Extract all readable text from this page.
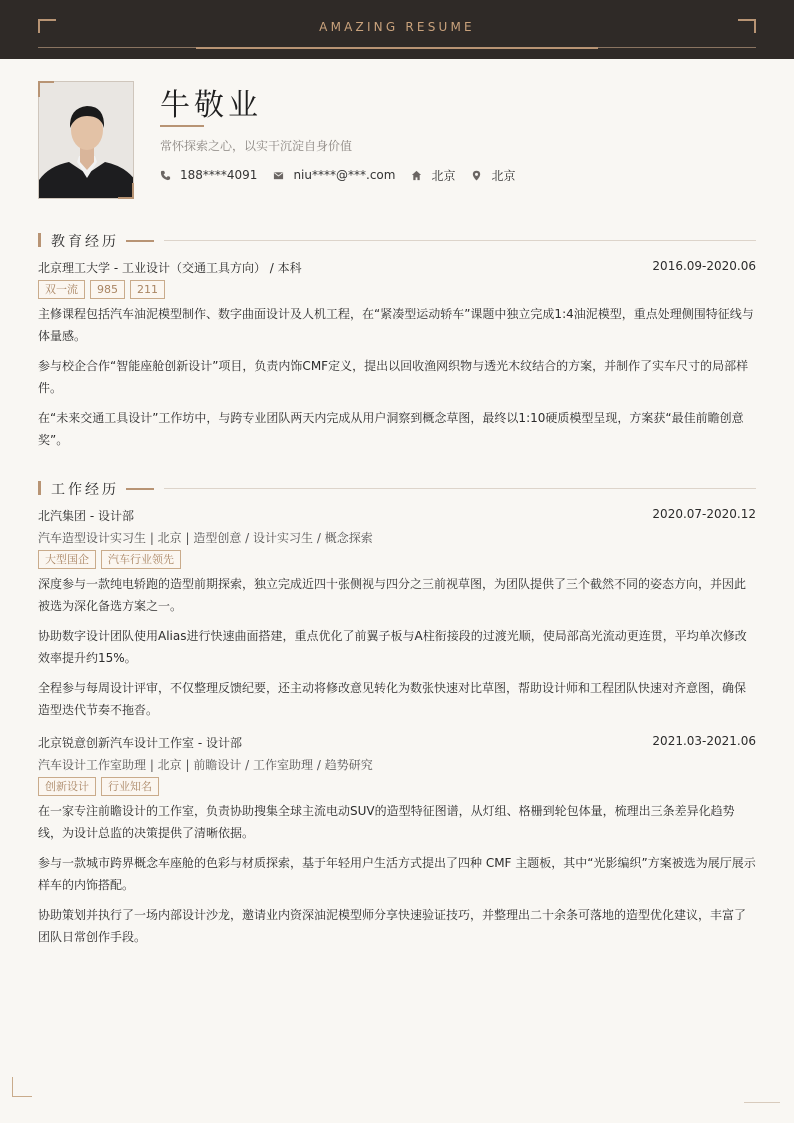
AMAZING RESUME
牛敬业
常怀探索之心，以实干沉淀自身价值
188****4091	niu****@***.com	北京	北京
教育经历
北京理工大学 - 工业设计（交通工具方向） / 本科	2016.09-2020.06
双一流	985	211
主修课程包括汽车油泥模型制作、数字曲面设计及人机工程，在“紧凑型运动轿车”课题中独立完成1:4油泥模型，重点处理侧围特征线与体量感。
参与校企合作“智能座舱创新设计”项目，负责内饰CMF定义，提出以回收渔网织物与透光木纹结合的方案，并制作了实车尺寸的局部样件。
在“未来交通工具设计”工作坊中，与跨专业团队两天内完成从用户洞察到概念草图，最终以1:10硬质模型呈现，方案获“最佳前瞻创意奖”。
工作经历
北汽集团 - 设计部	2020.07-2020.12
汽车造型设计实习生 | 北京 | 造型创意 / 设计实习生 / 概念探索
大型国企	汽车行业领先
深度参与一款纯电轿跑的造型前期探索，独立完成近四十张侧视与四分之三前视草图，为团队提供了三个截然不同的姿态方向，并因此被选为深化备选方案之一。
协助数字设计团队使用Alias进行快速曲面搭建，重点优化了前翼子板与A柱衔接段的过渡光顺，使局部高光流动更连贯，平均单次修改效率提升约15%。
全程参与每周设计评审，不仅整理反馈纪要，还主动将修改意见转化为数张快速对比草图，帮助设计师和工程团队快速对齐意图，确保造型迭代节奏不拖沓。
北京锐意创新汽车设计工作室 - 设计部	2021.03-2021.06
汽车设计工作室助理 | 北京 | 前瞻设计 / 工作室助理 / 趋势研究
创新设计	行业知名
在一家专注前瞻设计的工作室，负责协助搜集全球主流电动SUV的造型特征图谱，从灯组、格栅到轮包体量，梳理出三条差异化趋势线，为设计总监的决策提供了清晰依据。
参与一款城市跨界概念车座舱的色彩与材质探索，基于年轻用户生活方式提出了四种 CMF 主题板，其中“光影编织”方案被选为展厅展示样车的内饰搭配。
协助策划并执行了一场内部设计沙龙，邀请业内资深油泥模型师分享快速验证技巧，并整理出二十余条可落地的造型优化建议，丰富了团队日常创作手段。
